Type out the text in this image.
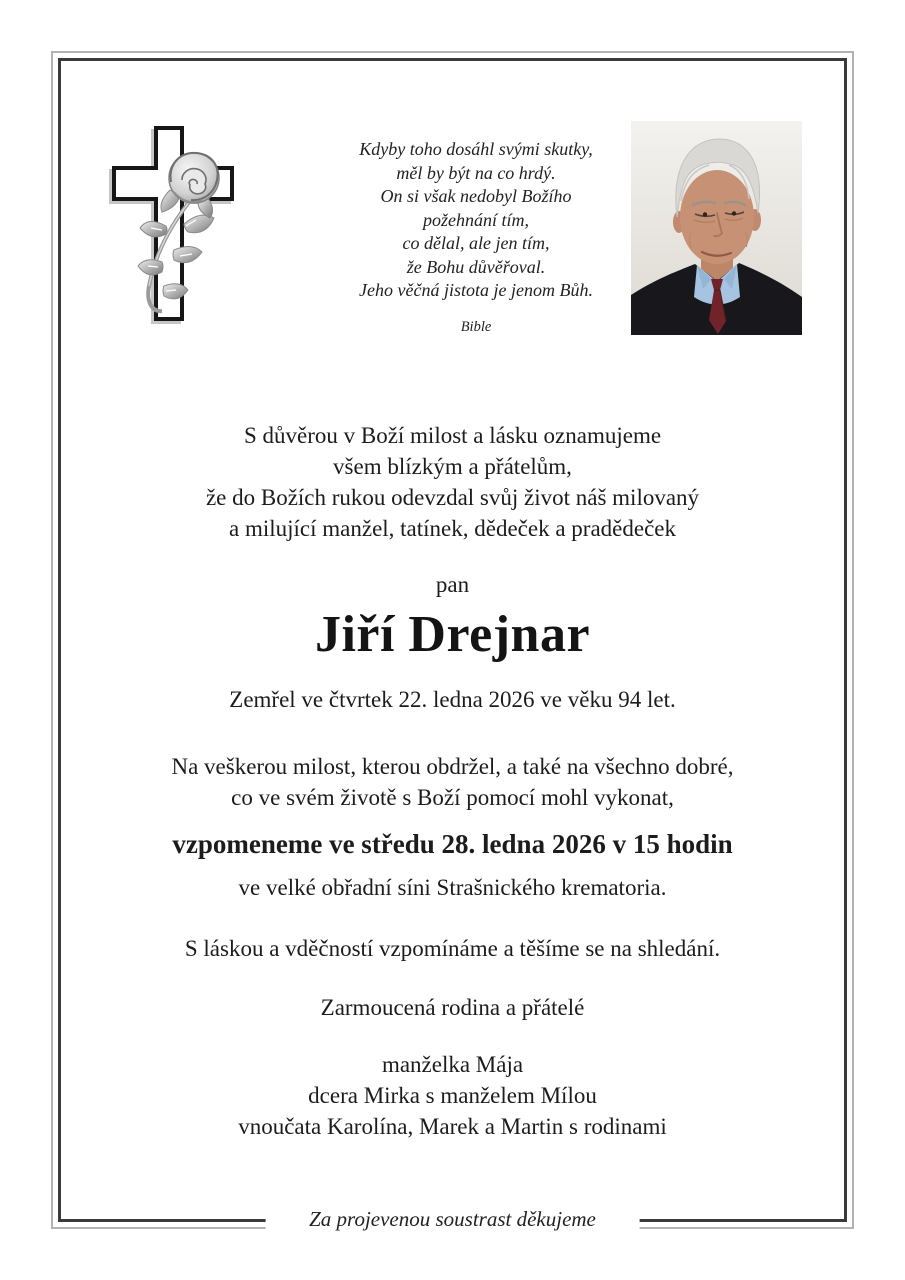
Kdyby toho dosáhl svými skutky,
měl by být na co hrdý.
On si však nedobyl Božího
požehnání tím,
co dělal, ale jen tím,
že Bohu důvěřoval.
Jeho věčná jistota je jenom Bůh.
Bible
S důvěrou v Boží milost a lásku oznamujeme
všem blízkým a přátelům,
že do Božích rukou odevzdal svůj život náš milovaný
a milující manžel, tatínek, dědeček a pradědeček
pan
Jiří Drejnar
Zemřel ve čtvrtek 22. ledna 2026 ve věku 94 let.
Na veškerou milost, kterou obdržel, a také na všechno dobré,
co ve svém životě s Boží pomocí mohl vykonat,
vzpomeneme ve středu 28. ledna 2026 v 15 hodin
ve velké obřadní síni Strašnického krematoria.
S láskou a vděčností vzpomínáme a těšíme se na shledání.
Zarmoucená rodina a přátelé
manželka Mája
dcera Mirka s manželem Mílou
vnoučata Karolína, Marek a Martin s rodinami
Za projevenou soustrast děkujeme
